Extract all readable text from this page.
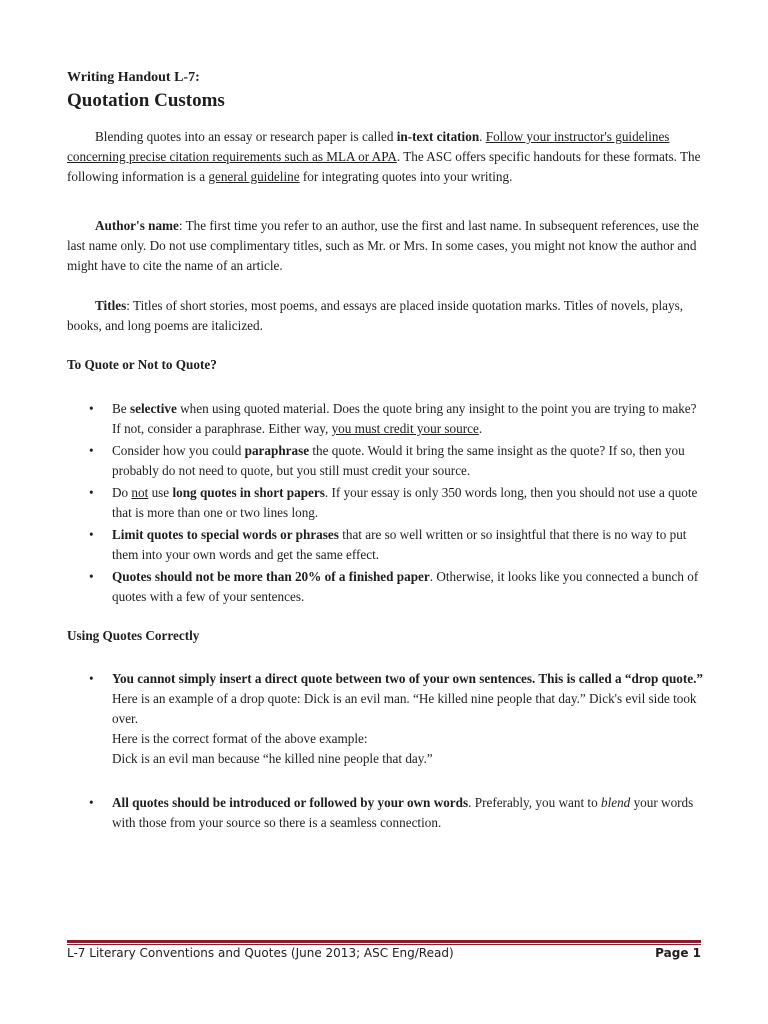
Writing Handout L-7:
Quotation Customs

Blending quotes into an essay or research paper is called in-text citation. Follow your instructor's guidelines concerning precise citation requirements such as MLA or APA. The ASC offers specific handouts for these formats. The following information is a general guideline for integrating quotes into your writing.

Author's name: The first time you refer to an author, use the first and last name. In subsequent references, use the last name only. Do not use complimentary titles, such as Mr. or Mrs. In some cases, you might not know the author and might have to cite the name of an article.

Titles: Titles of short stories, most poems, and essays are placed inside quotation marks. Titles of novels, plays, books, and long poems are italicized.

To Quote or Not to Quote?
• Be selective when using quoted material. Does the quote bring any insight to the point you are trying to make? If not, consider a paraphrase. Either way, you must credit your source.
• Consider how you could paraphrase the quote. Would it bring the same insight as the quote? If so, then you probably do not need to quote, but you still must credit your source.
• Do not use long quotes in short papers. If your essay is only 350 words long, then you should not use a quote that is more than one or two lines long.
• Limit quotes to special words or phrases that are so well written or so insightful that there is no way to put them into your own words and get the same effect.
• Quotes should not be more than 20% of a finished paper. Otherwise, it looks like you connected a bunch of quotes with a few of your sentences.
Using Quotes Correctly
• You cannot simply insert a direct quote between two of your own sentences. This is called a “drop quote.” Here is an example of a drop quote: Dick is an evil man. “He killed nine people that day.” Dick's evil side took over.
Here is the correct format of the above example:
Dick is an evil man because “he killed nine people that day.”
• All quotes should be introduced or followed by your own words. Preferably, you want to blend your words with those from your source so there is a seamless connection.
L-7 Literary Conventions and Quotes (June 2013; ASC Eng/Read)	Page 1
